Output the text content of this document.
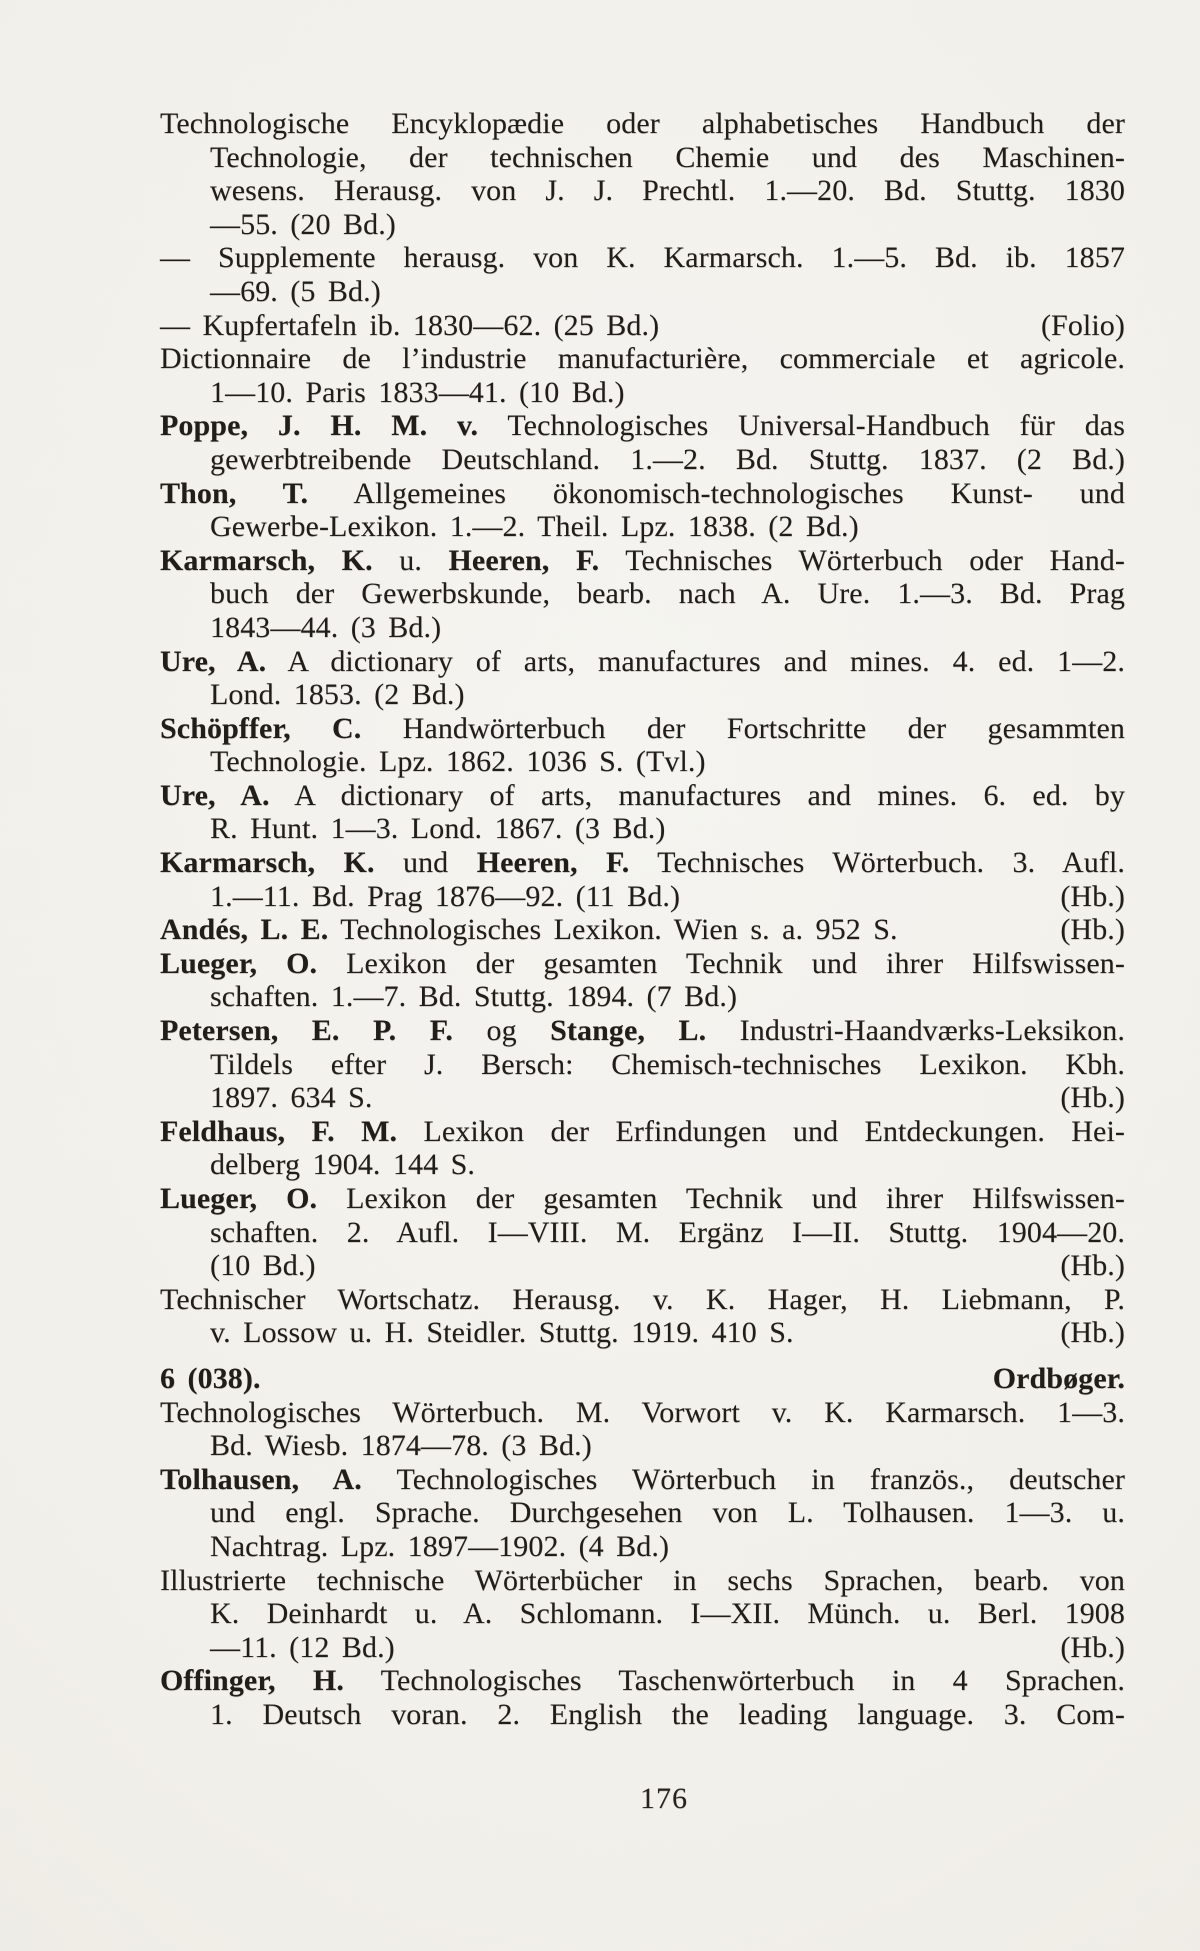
Technologische Encyklopædie oder alphabetisches Handbuch der
Technologie, der technischen Chemie und des Maschinen-
wesens. Herausg. von J. J. Prechtl. 1.—20. Bd. Stuttg. 1830
—55. (20 Bd.)
— Supplemente herausg. von K. Karmarsch. 1.—5. Bd. ib. 1857
—69. (5 Bd.)
— Kupfertafeln ib. 1830—62. (25 Bd.)	(Folio)
Dictionnaire de l’industrie manufacturière, commerciale et agricole.
1—10. Paris 1833—41. (10 Bd.)
Poppe, J. H. M. v. Technologisches Universal-Handbuch für das
gewerbtreibende Deutschland. 1.—2. Bd. Stuttg. 1837. (2 Bd.)
Thon, T. Allgemeines ökonomisch-technologisches Kunst- und
Gewerbe-Lexikon. 1.—2. Theil. Lpz. 1838. (2 Bd.)
Karmarsch, K. u. Heeren, F. Technisches Wörterbuch oder Hand-
buch der Gewerbskunde, bearb. nach A. Ure. 1.—3. Bd. Prag
1843—44. (3 Bd.)
Ure, A. A dictionary of arts, manufactures and mines. 4. ed. 1—2.
Lond. 1853. (2 Bd.)
Schöpffer, C. Handwörterbuch der Fortschritte der gesammten
Technologie. Lpz. 1862. 1036 S. (Tvl.)
Ure, A. A dictionary of arts, manufactures and mines. 6. ed. by
R. Hunt. 1—3. Lond. 1867. (3 Bd.)
Karmarsch, K. und Heeren, F. Technisches Wörterbuch. 3. Aufl.
1.—11. Bd. Prag 1876—92. (11 Bd.)	(Hb.)
Andés, L. E. Technologisches Lexikon. Wien s. a. 952 S.	(Hb.)
Lueger, O. Lexikon der gesamten Technik und ihrer Hilfswissen-
schaften. 1.—7. Bd. Stuttg. 1894. (7 Bd.)
Petersen, E. P. F. og Stange, L. Industri-Haandværks-Leksikon.
Tildels efter J. Bersch: Chemisch-technisches Lexikon. Kbh.
1897. 634 S.	(Hb.)
Feldhaus, F. M. Lexikon der Erfindungen und Entdeckungen. Hei-
delberg 1904. 144 S.
Lueger, O. Lexikon der gesamten Technik und ihrer Hilfswissen-
schaften. 2. Aufl. I—VIII. M. Ergänz I—II. Stuttg. 1904—20.
(10 Bd.)	(Hb.)
Technischer Wortschatz. Herausg. v. K. Hager, H. Liebmann, P.
v. Lossow u. H. Steidler. Stuttg. 1919. 410 S.	(Hb.)
6 (038).	Ordbøger.
Technologisches Wörterbuch. M. Vorwort v. K. Karmarsch. 1—3.
Bd. Wiesb. 1874—78. (3 Bd.)
Tolhausen, A. Technologisches Wörterbuch in französ., deutscher
und engl. Sprache. Durchgesehen von L. Tolhausen. 1—3. u.
Nachtrag. Lpz. 1897—1902. (4 Bd.)
Illustrierte technische Wörterbücher in sechs Sprachen, bearb. von
K. Deinhardt u. A. Schlomann. I—XII. Münch. u. Berl. 1908
—11. (12 Bd.)	(Hb.)
Offinger, H. Technologisches Taschenwörterbuch in 4 Sprachen.
1. Deutsch voran. 2. English the leading language. 3. Com-
176
